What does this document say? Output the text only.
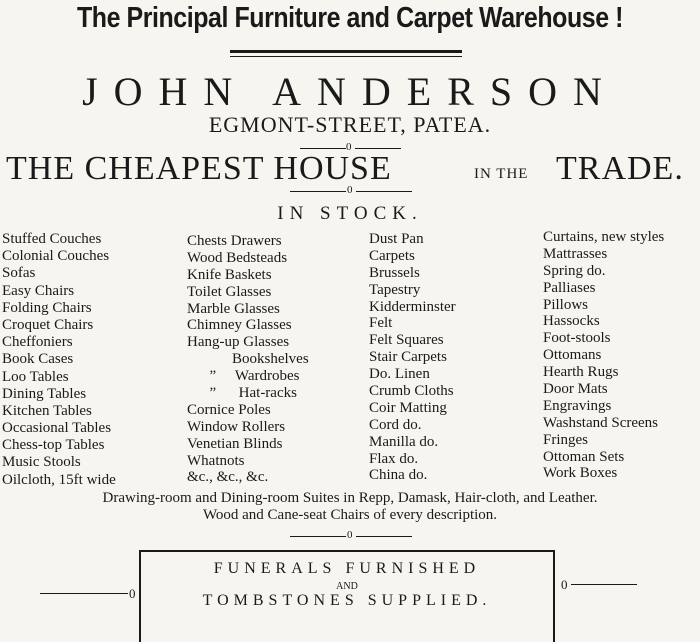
The Principal Furniture and Carpet Warehouse !
JOHN ANDERSON
EGMONT-STREET, PATEA.
0
THE CHEAPEST HOUSE	IN THE TRADE.
0
IN STOCK.
Stuffed Couches
Colonial Couches
Sofas
Easy Chairs
Folding Chairs
Croquet Chairs
Cheffoniers
Book Cases
Loo Tables
Dining Tables
Kitchen Tables
Occasional Tables
Chess-top Tables
Music Stools
Oilcloth, 15ft wide
Chests Drawers
Wood Bedsteads
Knife Baskets
Toilet Glasses
Marble Glasses
Chimney Glasses
Hang-up Glasses
Bookshelves
”     Wardrobes
”      Hat-racks
Cornice Poles
Window Rollers
Venetian Blinds
Whatnots
&c., &c., &c.
Dust Pan
Carpets
Brussels
Tapestry
Kidderminster
Felt
Felt Squares
Stair Carpets
Do. Linen
Crumb Cloths
Coir Matting
Cord do.
Manilla do.
Flax do.
China do.
Curtains, new styles
Mattrasses
Spring do.
Palliases
Pillows
Hassocks
Foot-stools
Ottomans
Hearth Rugs
Door Mats
Engravings
Washstand Screens
Fringes
Ottoman Sets
Work Boxes
Drawing-room and Dining-room Suites in Repp, Damask, Hair-cloth, and Leather.
Wood and Cane-seat Chairs of every description.
0
0
0
FUNERALS FURNISHED
AND
TOMBSTONES SUPPLIED.
